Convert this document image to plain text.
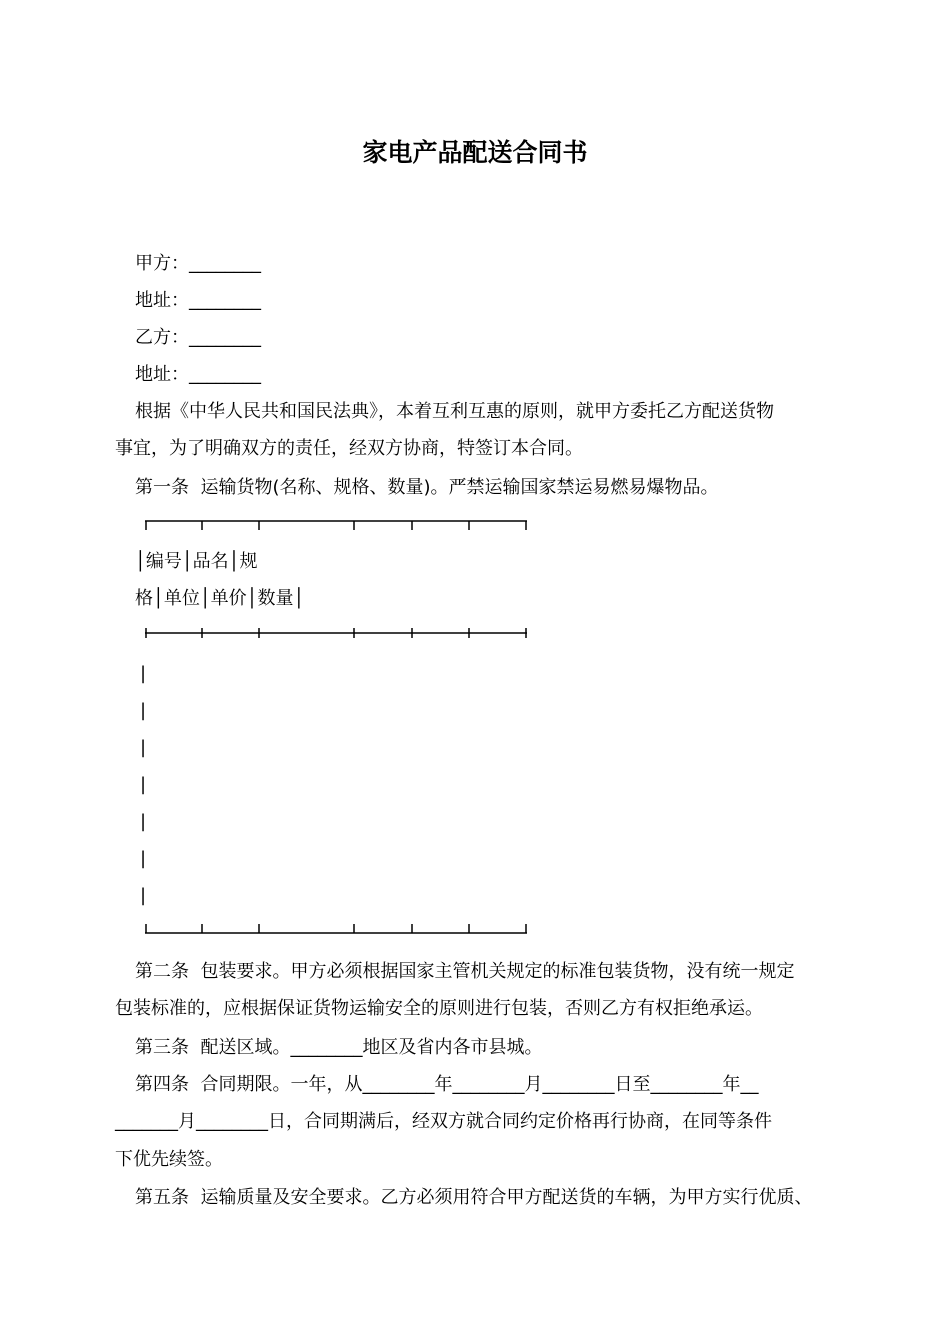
家电产品配送合同书

甲方：________

地址：________

乙方：________

地址：________

根据《中华人民共和国民法典》，本着互利互惠的原则，就甲方委托乙方配送货物

事宜，为了明确双方的责任，经双方协商，特签订本合同。

第一条  运输货物(名称、规格、数量)。严禁运输国家禁运易燃易爆物品。

│编号│品名│规

格│单位│单价│数量│

|

|

|

|

|

|

|

第二条  包装要求。甲方必须根据国家主管机关规定的标准包装货物，没有统一规定

包装标准的，应根据保证货物运输安全的原则进行包装，否则乙方有权拒绝承运。

第三条  配送区域。________地区及省内各市县城。

第四条  合同期限。一年，从________年________月________日至________年__

_______月________日，合同期满后，经双方就合同约定价格再行协商，在同等条件

下优先续签。

第五条  运输质量及安全要求。乙方必须用符合甲方配送货的车辆，为甲方实行优质、
